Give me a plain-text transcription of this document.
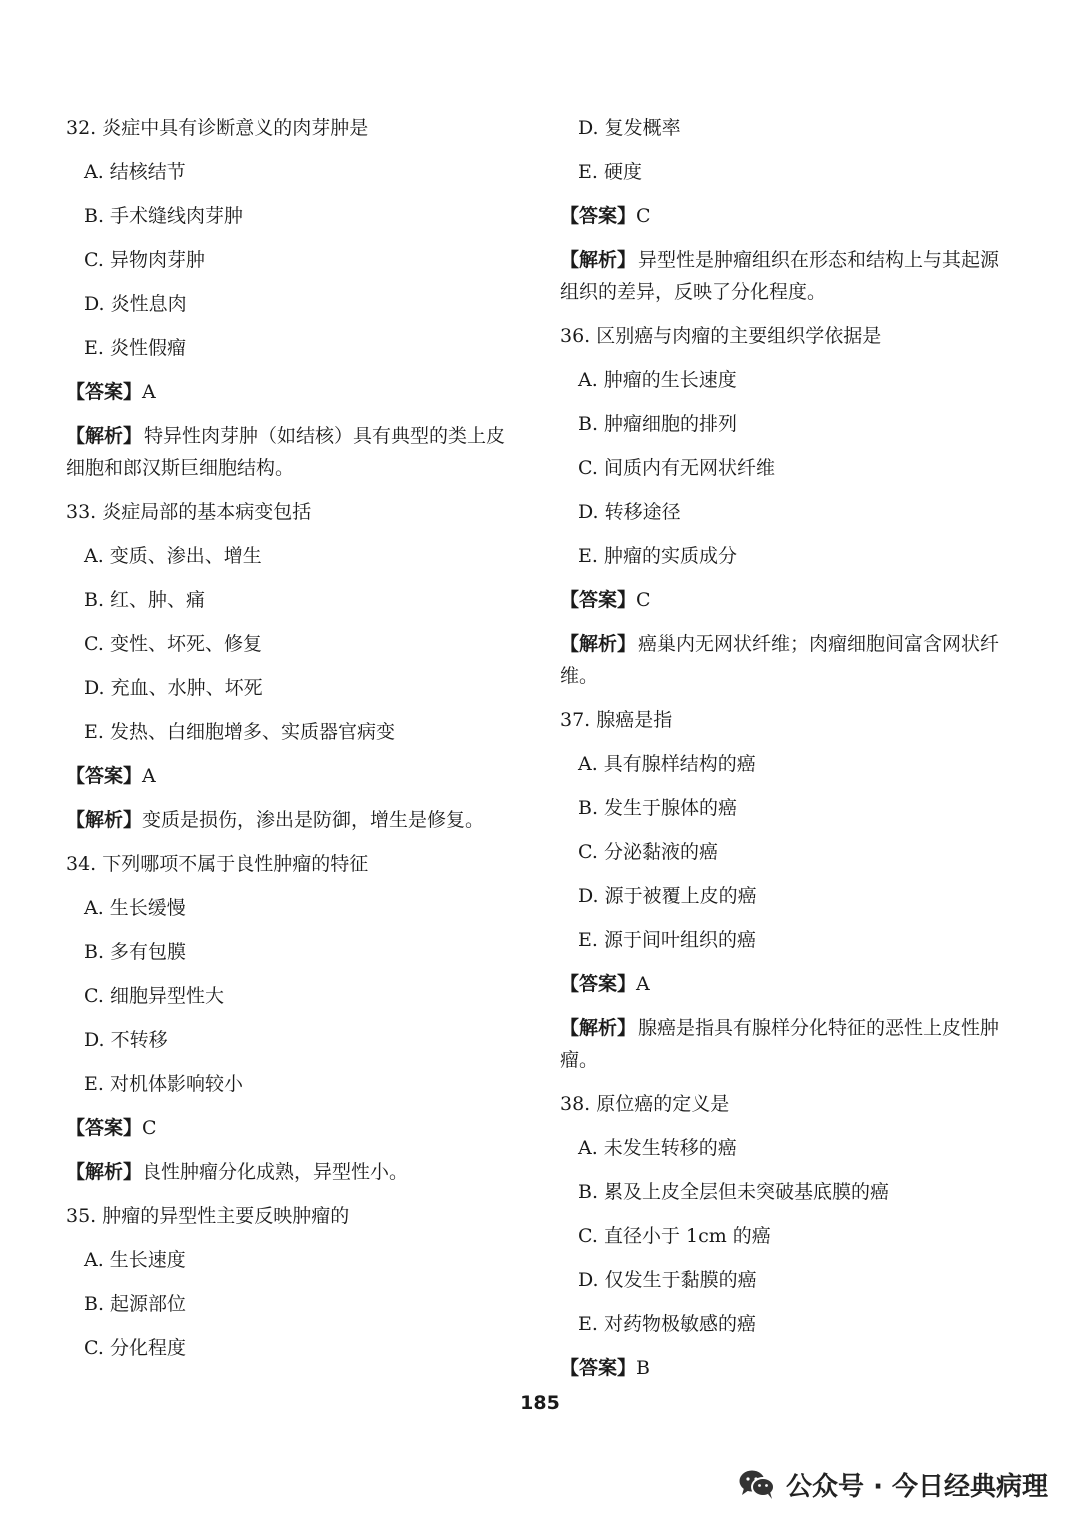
32. 炎症中具有诊断意义的肉芽肿是
A. 结核结节
B. 手术缝线肉芽肿
C. 异物肉芽肿
D. 炎性息肉
E. 炎性假瘤
【答案】A
【解析】 特异性肉芽肿（如结核）具有典型的类上皮细胞和郎汉斯巨细胞结构。
33. 炎症局部的基本病变包括
A. 变质、渗出、增生
B. 红、肿、痛
C. 变性、坏死、修复
D. 充血、水肿、坏死
E. 发热、白细胞增多、实质器官病变
【答案】A
【解析】变质是损伤，渗出是防御，增生是修复。
34. 下列哪项不属于良性肿瘤的特征
A. 生长缓慢
B. 多有包膜
C. 细胞异型性大
D. 不转移
E. 对机体影响较小
【答案】C
【解析】良性肿瘤分化成熟，异型性小。
35. 肿瘤的异型性主要反映肿瘤的
A. 生长速度
B. 起源部位
C. 分化程度
D. 复发概率
E. 硬度
【答案】C
【解析】 异型性是肿瘤组织在形态和结构上与其起源组织的差异，反映了分化程度。
36. 区别癌与肉瘤的主要组织学依据是
A. 肿瘤的生长速度
B. 肿瘤细胞的排列
C. 间质内有无网状纤维
D. 转移途径
E. 肿瘤的实质成分
【答案】C
【解析】 癌巢内无网状纤维；肉瘤细胞间富含网状纤维。
37. 腺癌是指
A. 具有腺样结构的癌
B. 发生于腺体的癌
C. 分泌黏液的癌
D. 源于被覆上皮的癌
E. 源于间叶组织的癌
【答案】A
【解析】 腺癌是指具有腺样分化特征的恶性上皮性肿瘤。
38. 原位癌的定义是
A. 未发生转移的癌
B. 累及上皮全层但未突破基底膜的癌
C. 直径小于 1cm 的癌
D. 仅发生于黏膜的癌
E. 对药物极敏感的癌
【答案】B
185
公众号 · 今日经典病理
